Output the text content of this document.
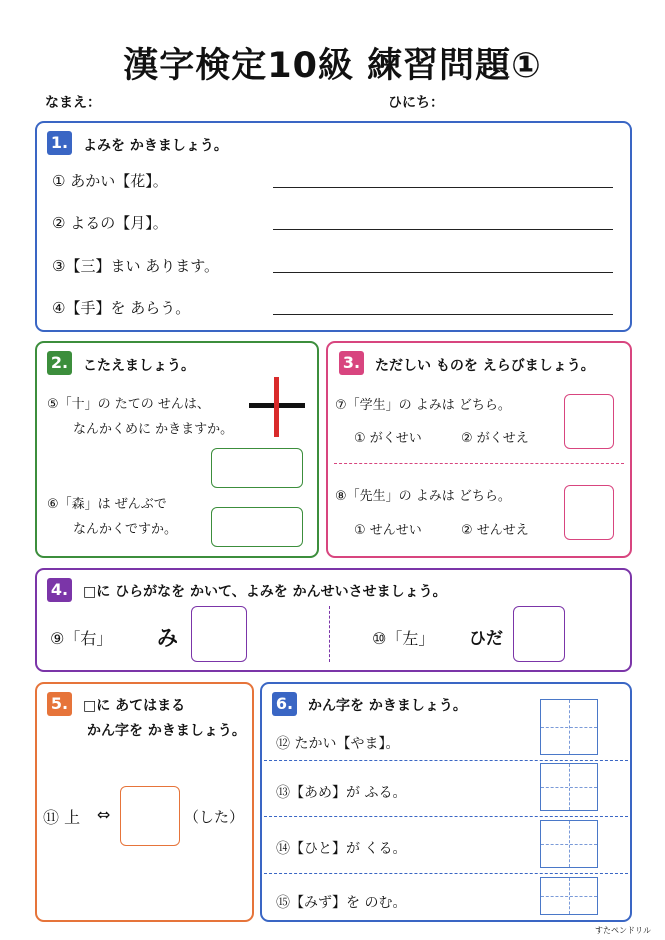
漢字検定10級 練習問題①
なまえ：	ひにち：
1. よみを かきましょう。
① あかい【花】。
② よるの【月】。
③【三】まい あります。
④【手】を あらう。
2. こたえましょう。
⑤「十」の たての せんは、
なんかくめに かきますか。
⑥「森」は ぜんぶで
なんかくですか。
3. ただしい ものを えらびましょう。
⑦「学生」の よみは どちら。
① がくせい	② がくせえ
⑧「先生」の よみは どちら。
① せんせい	② せんせえ
4. □に ひらがなを かいて、よみを かんせいさせましょう。
⑨「右」 み	⑩「左」 ひだ
5. □に あてはまる
かん字を かきましょう。
⑪ 上 ⇔	（した）
6. かん字を かきましょう。
⑫ たかい【やま】。
⑬【あめ】が ふる。
⑭【ひと】が くる。
⑮【みず】を のむ。
すたペンドリル
